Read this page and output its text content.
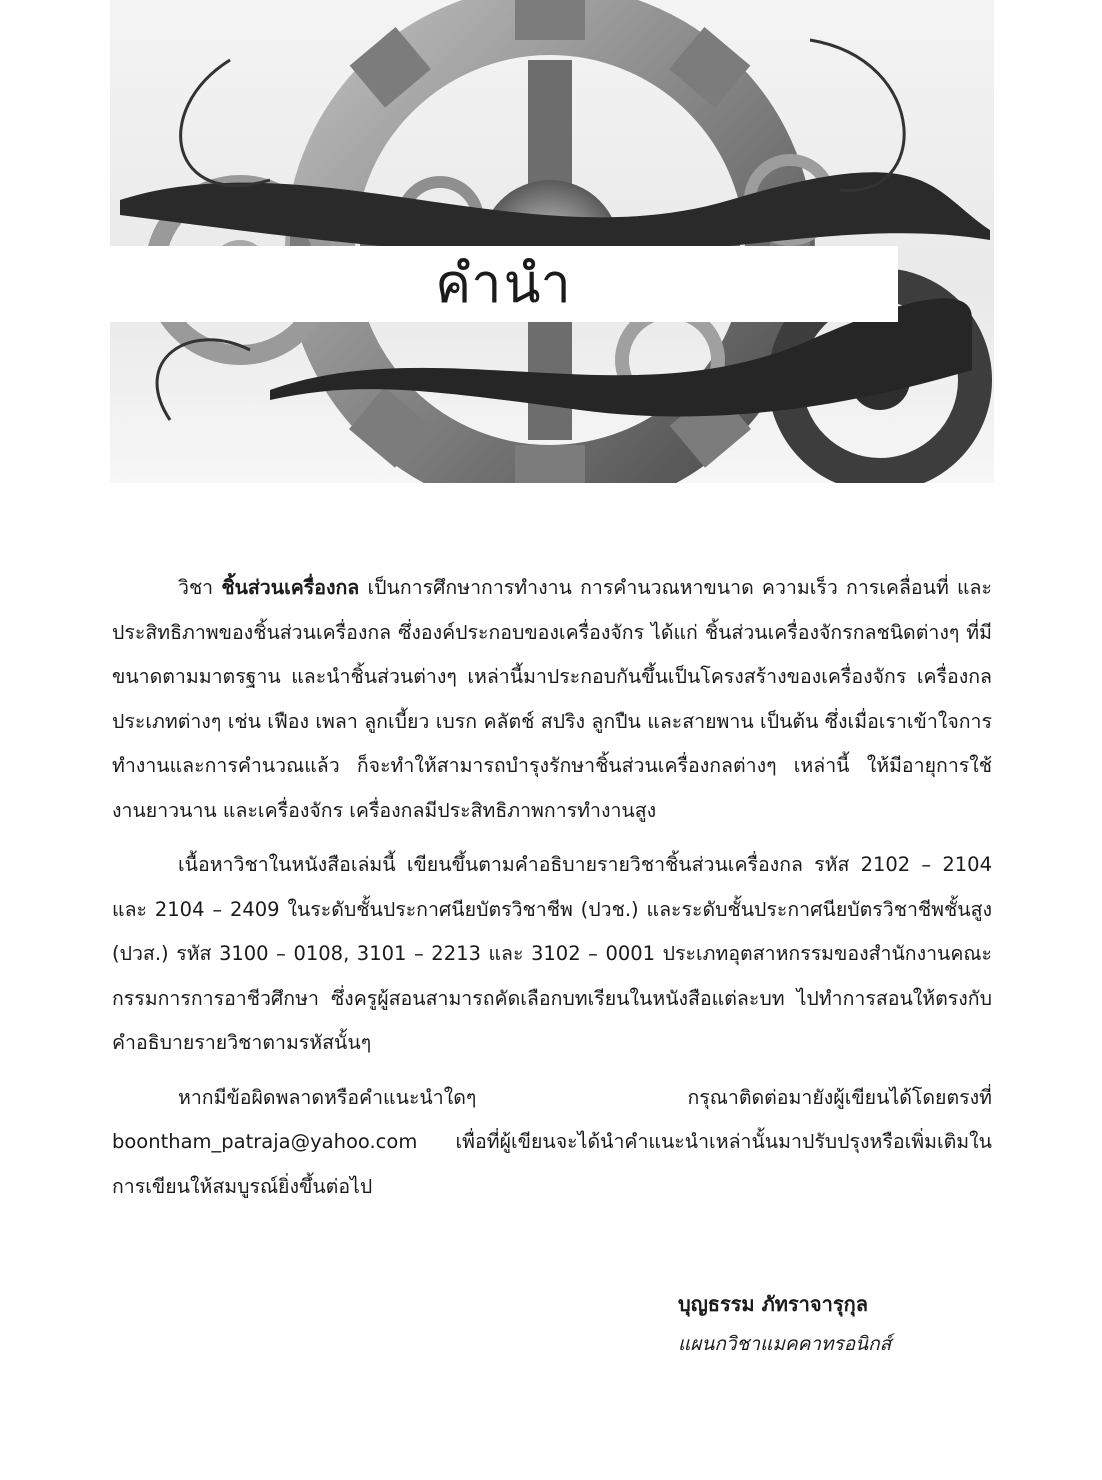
คำนำ

วิชา ชิ้นส่วนเครื่องกล เป็นการศึกษาการทำงาน การคำนวณหาขนาด ความเร็ว การเคลื่อนที่ และประสิทธิภาพของชิ้นส่วนเครื่องกล ซึ่งองค์ประกอบของเครื่องจักร ได้แก่ ชิ้นส่วนเครื่องจักรกลชนิดต่างๆ ที่มีขนาดตามมาตรฐาน และนำชิ้นส่วนต่างๆ เหล่านี้มาประกอบกันขึ้นเป็นโครงสร้างของเครื่องจักร เครื่องกลประเภทต่างๆ เช่น เฟือง เพลา ลูกเบี้ยว เบรก คลัตช์ สปริง ลูกปืน และสายพาน เป็นต้น ซึ่งเมื่อเราเข้าใจการทำงานและการคำนวณแล้ว ก็จะทำให้สามารถบำรุงรักษาชิ้นส่วนเครื่องกลต่างๆ เหล่านี้ ให้มีอายุการใช้งานยาวนาน และเครื่องจักร เครื่องกลมีประสิทธิภาพการทำงานสูง

เนื้อหาวิชาในหนังสือเล่มนี้ เขียนขึ้นตามคำอธิบายรายวิชาชิ้นส่วนเครื่องกล รหัส 2102 – 2104 และ 2104 – 2409 ในระดับชั้นประกาศนียบัตรวิชาชีพ (ปวช.) และระดับชั้นประกาศนียบัตรวิชาชีพชั้นสูง (ปวส.) รหัส 3100 – 0108, 3101 – 2213 และ 3102 – 0001 ประเภทอุตสาหกรรมของสำนักงานคณะกรรมการการอาชีวศึกษา ซึ่งครูผู้สอนสามารถคัดเลือกบทเรียนในหนังสือแต่ละบท ไปทำการสอนให้ตรงกับคำอธิบายรายวิชาตามรหัสนั้นๆ

หากมีข้อผิดพลาดหรือคำแนะนำใดๆ กรุณาติดต่อมายังผู้เขียนได้โดยตรงที่ boontham_patraja@yahoo.com เพื่อที่ผู้เขียนจะได้นำคำแนะนำเหล่านั้นมาปรับปรุงหรือเพิ่มเติมในการเขียนให้สมบูรณ์ยิ่งขึ้นต่อไป

บุญธรรม ภัทราจารุกุล
แผนกวิชาแมคคาทรอนิกส์
